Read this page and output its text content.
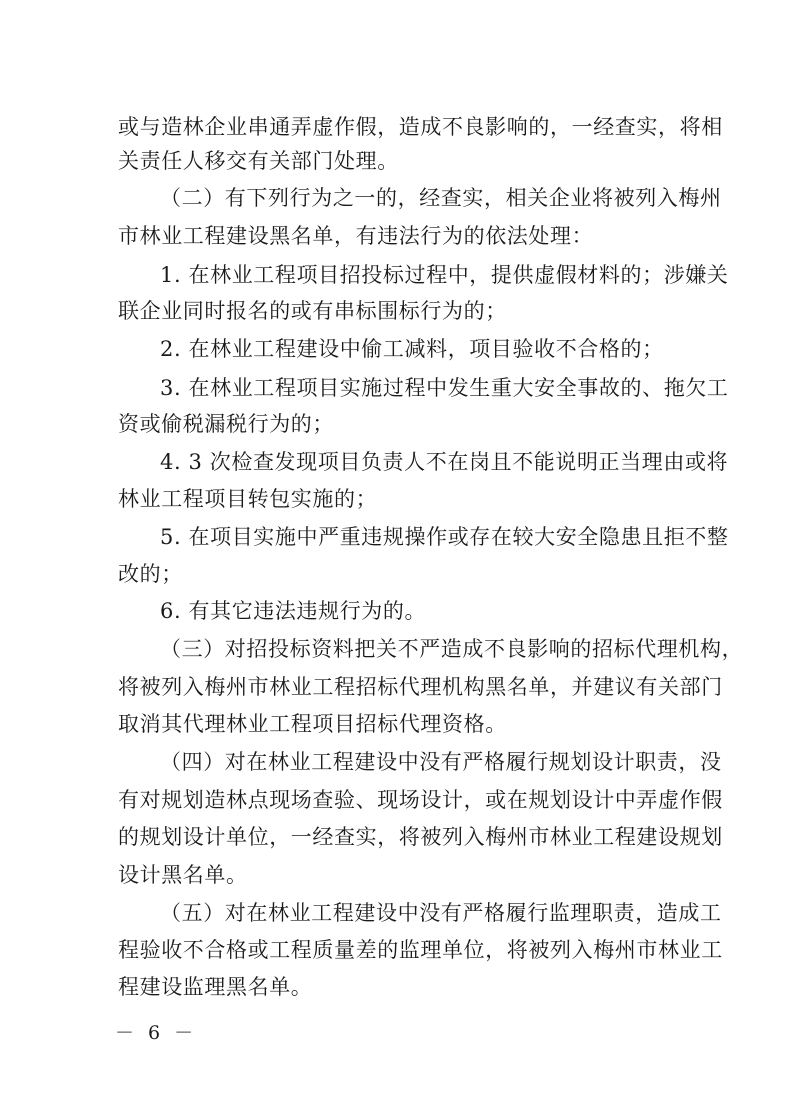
或与造林企业串通弄虚作假，造成不良影响的，一经查实，将相
关责任人移交有关部门处理。
（二）有下列行为之一的，经查实，相关企业将被列入梅州
市林业工程建设黑名单，有违法行为的依法处理：
1. 在林业工程项目招投标过程中，提供虚假材料的；涉嫌关
联企业同时报名的或有串标围标行为的；
2. 在林业工程建设中偷工减料，项目验收不合格的；
3. 在林业工程项目实施过程中发生重大安全事故的、拖欠工
资或偷税漏税行为的；
4. 3 次检查发现项目负责人不在岗且不能说明正当理由或将
林业工程项目转包实施的；
5. 在项目实施中严重违规操作或存在较大安全隐患且拒不整
改的；
6. 有其它违法违规行为的。
（三）对招投标资料把关不严造成不良影响的招标代理机构，
将被列入梅州市林业工程招标代理机构黑名单，并建议有关部门
取消其代理林业工程项目招标代理资格。
（四）对在林业工程建设中没有严格履行规划设计职责，没
有对规划造林点现场查验、现场设计，或在规划设计中弄虚作假
的规划设计单位，一经查实，将被列入梅州市林业工程建设规划
设计黑名单。
（五）对在林业工程建设中没有严格履行监理职责，造成工
程验收不合格或工程质量差的监理单位，将被列入梅州市林业工
程建设监理黑名单。
－ 6 －
